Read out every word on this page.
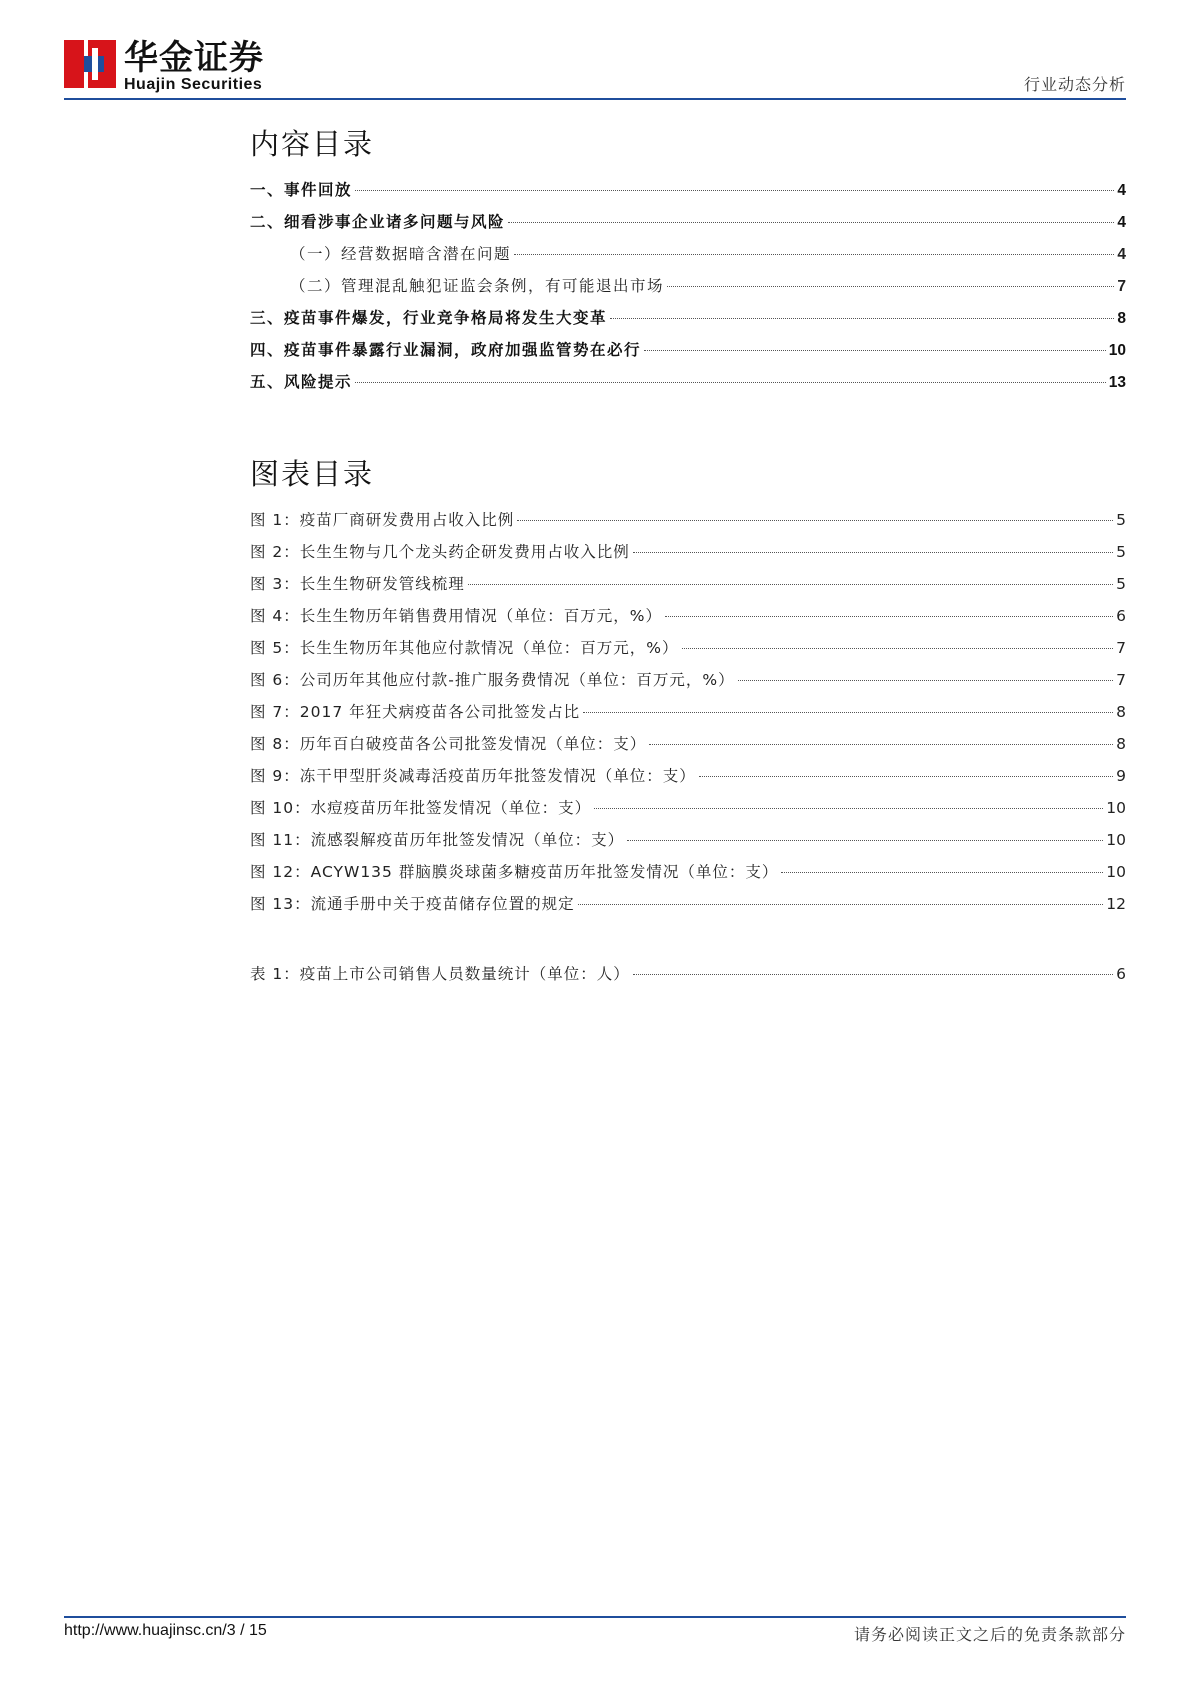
华金证券
Huajin Securities	行业动态分析
内容目录
一、事件回放	4
二、细看涉事企业诸多问题与风险	4
（一）经营数据暗含潜在问题	4
（二）管理混乱触犯证监会条例，有可能退出市场	7
三、疫苗事件爆发，行业竞争格局将发生大变革	8
四、疫苗事件暴露行业漏洞，政府加强监管势在必行	10
五、风险提示	13
图表目录
图 1：疫苗厂商研发费用占收入比例	5
图 2：长生生物与几个龙头药企研发费用占收入比例	5
图 3：长生生物研发管线梳理	5
图 4：长生生物历年销售费用情况（单位：百万元，%）	6
图 5：长生生物历年其他应付款情况（单位：百万元，%）	7
图 6：公司历年其他应付款-推广服务费情况（单位：百万元，%）	7
图 7：2017 年狂犬病疫苗各公司批签发占比	8
图 8：历年百白破疫苗各公司批签发情况（单位：支）	8
图 9：冻干甲型肝炎减毒活疫苗历年批签发情况（单位：支）	9
图 10：水痘疫苗历年批签发情况（单位：支）	10
图 11：流感裂解疫苗历年批签发情况（单位：支）	10
图 12：ACYW135 群脑膜炎球菌多糖疫苗历年批签发情况（单位：支）	10
图 13：流通手册中关于疫苗储存位置的规定	12
表 1：疫苗上市公司销售人员数量统计（单位：人）	6
http://www.huajinsc.cn/3 / 15	请务必阅读正文之后的免责条款部分
